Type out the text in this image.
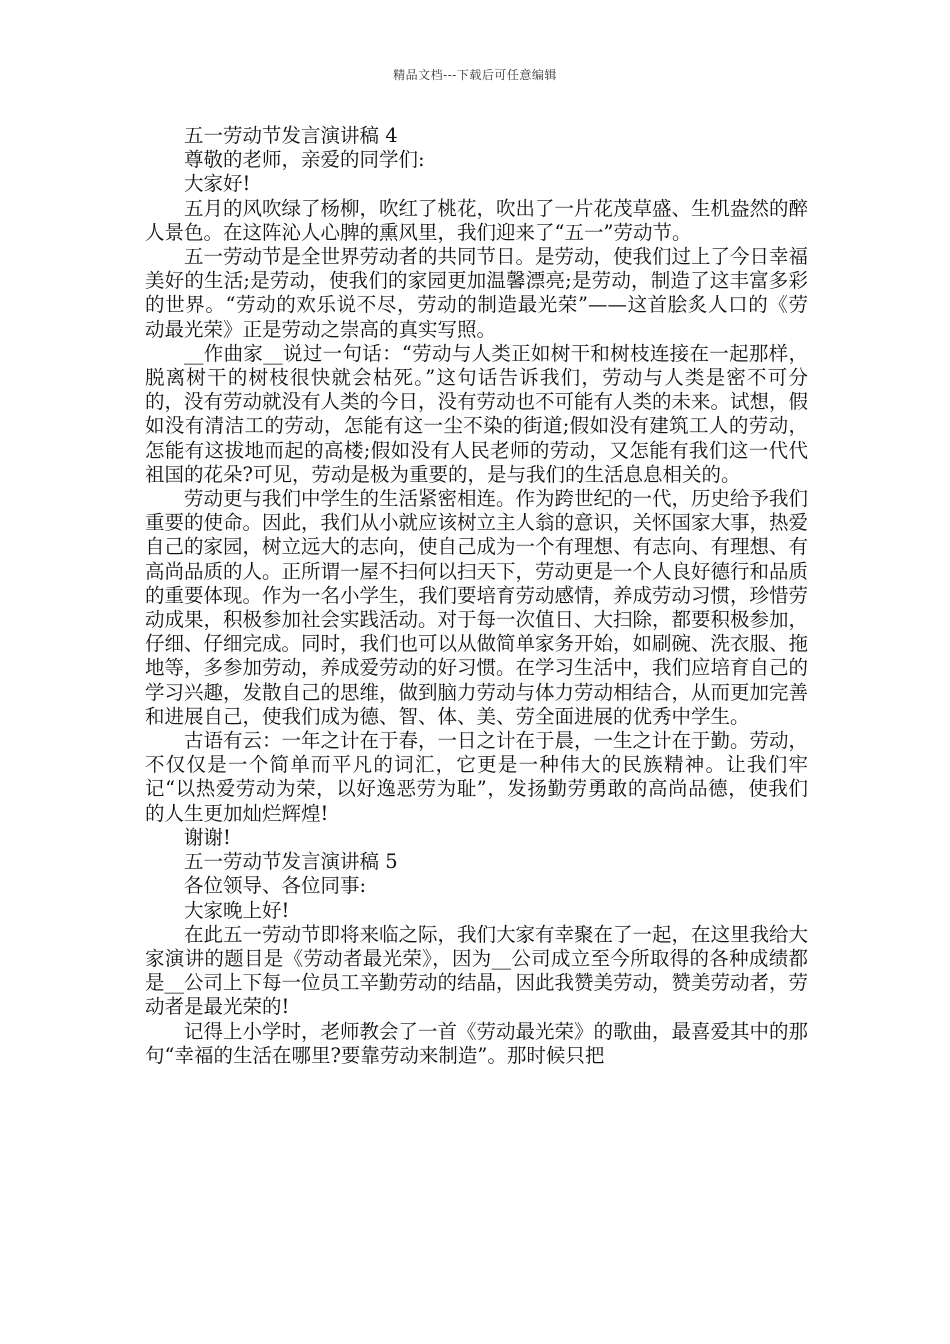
精品文档---下载后可任意编辑

五一劳动节发言演讲稿 4

尊敬的老师，亲爱的同学们:

大家好!

五月的风吹绿了杨柳，吹红了桃花，吹出了一片花茂草盛、生机盎然的醉人景色。在这阵沁人心脾的熏风里，我们迎来了“五一”劳动节。

五一劳动节是全世界劳动者的共同节日。是劳动，使我们过上了今日幸福美好的生活;是劳动，使我们的家园更加温馨漂亮;是劳动，制造了这丰富多彩的世界。“劳动的欢乐说不尽，劳动的制造最光荣”——这首脍炙人口的《劳动最光荣》正是劳动之崇高的真实写照。

__作曲家__说过一句话：“劳动与人类正如树干和树枝连接在一起那样，脱离树干的树枝很快就会枯死。”这句话告诉我们，劳动与人类是密不可分的，没有劳动就没有人类的今日，没有劳动也不可能有人类的未来。试想，假如没有清洁工的劳动，怎能有这一尘不染的街道;假如没有建筑工人的劳动，怎能有这拔地而起的高楼;假如没有人民老师的劳动，又怎能有我们这一代代祖国的花朵?可见，劳动是极为重要的，是与我们的生活息息相关的。

劳动更与我们中学生的生活紧密相连。作为跨世纪的一代，历史给予我们重要的使命。因此，我们从小就应该树立主人翁的意识，关怀国家大事，热爱自己的家园，树立远大的志向，使自己成为一个有理想、有志向、有理想、有高尚品质的人。正所谓一屋不扫何以扫天下，劳动更是一个人良好德行和品质的重要体现。作为一名小学生，我们要培育劳动感情，养成劳动习惯，珍惜劳动成果，积极参加社会实践活动。对于每一次值日、大扫除，都要积极参加，仔细、仔细完成。同时，我们也可以从做简单家务开始，如刷碗、洗衣服、拖地等，多参加劳动，养成爱劳动的好习惯。在学习生活中，我们应培育自己的学习兴趣，发散自己的思维，做到脑力劳动与体力劳动相结合，从而更加完善和进展自己，使我们成为德、智、体、美、劳全面进展的优秀中学生。

古语有云：一年之计在于春，一日之计在于晨，一生之计在于勤。劳动，不仅仅是一个简单而平凡的词汇，它更是一种伟大的民族精神。让我们牢记“以热爱劳动为荣，以好逸恶劳为耻”，发扬勤劳勇敢的高尚品德，使我们的人生更加灿烂辉煌!

谢谢!

五一劳动节发言演讲稿 5

各位领导、各位同事:

大家晚上好!

在此五一劳动节即将来临之际，我们大家有幸聚在了一起，在这里我给大家演讲的题目是《劳动者最光荣》，因为__公司成立至今所取得的各种成绩都是__公司上下每一位员工辛勤劳动的结晶，因此我赞美劳动，赞美劳动者，劳动者是最光荣的!

记得上小学时，老师教会了一首《劳动最光荣》的歌曲，最喜爱其中的那句“幸福的生活在哪里?要靠劳动来制造”。那时候只把
